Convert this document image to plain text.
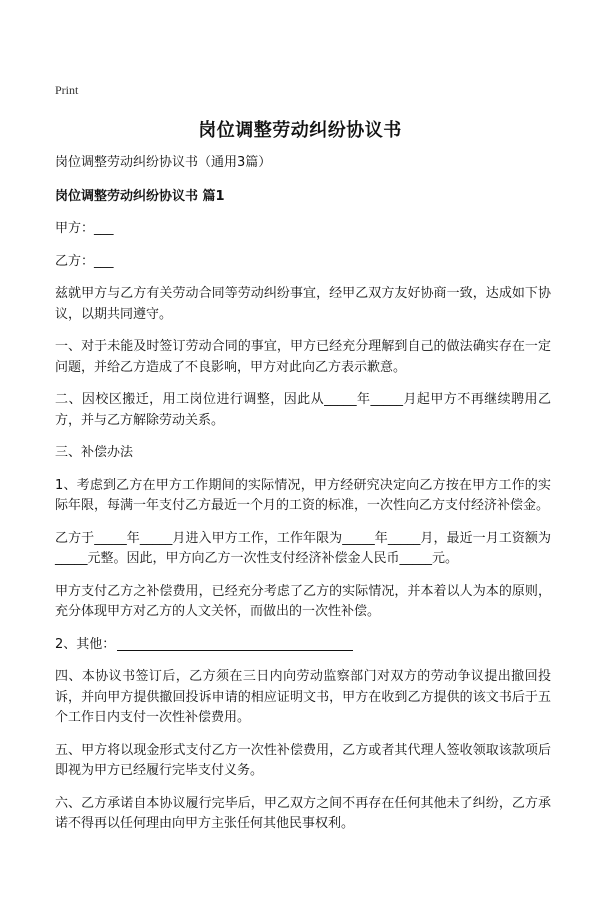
Print
岗位调整劳动纠纷协议书

岗位调整劳动纠纷协议书（通用3篇）

岗位调整劳动纠纷协议书 篇1

甲方：___

乙方：___

兹就甲方与乙方有关劳动合同等劳动纠纷事宜，经甲乙双方友好协商一致，达成如下协议，以期共同遵守。

一、对于未能及时签订劳动合同的事宜，甲方已经充分理解到自己的做法确实存在一定问题，并给乙方造成了不良影响，甲方对此向乙方表示歉意。

二、因校区搬迁，用工岗位进行调整，因此从_____年_____月起甲方不再继续聘用乙方，并与乙方解除劳动关系。

三、补偿办法

1、考虑到乙方在甲方工作期间的实际情况，甲方经研究决定向乙方按在甲方工作的实际年限，每满一年支付乙方最近一个月的工资的标准，一次性向乙方支付经济补偿金。

乙方于_____年_____月进入甲方工作，工作年限为_____年_____月，最近一月工资额为_____元整。因此，甲方向乙方一次性支付经济补偿金人民币_____元。

甲方支付乙方之补偿费用，已经充分考虑了乙方的实际情况，并本着以人为本的原则，充分体现甲方对乙方的人文关怀，而做出的一次性补偿。

2、其他：

四、本协议书签订后，乙方须在三日内向劳动监察部门对双方的劳动争议提出撤回投诉，并向甲方提供撤回投诉申请的相应证明文书，甲方在收到乙方提供的该文书后于五个工作日内支付一次性补偿费用。

五、甲方将以现金形式支付乙方一次性补偿费用，乙方或者其代理人签收领取该款项后即视为甲方已经履行完毕支付义务。

六、乙方承诺自本协议履行完毕后，甲乙双方之间不再存在任何其他未了纠纷，乙方承诺不得再以任何理由向甲方主张任何其他民事权利。
